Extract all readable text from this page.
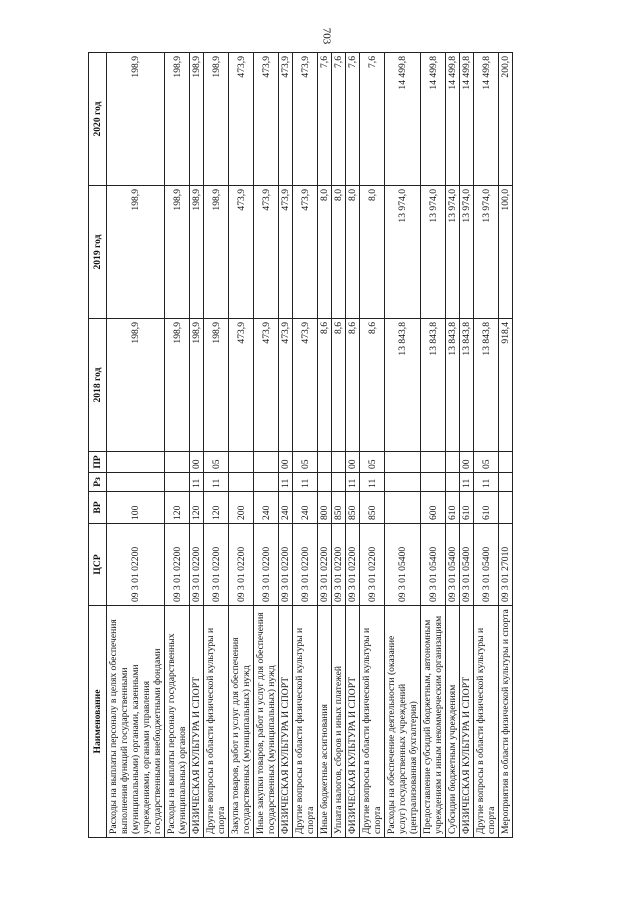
703
Наименование	ЦСР	ВР	Рз	ПР	2018 год	2019 год	2020 год
Расходы на выплаты персоналу в целях обеспечения выполнения функций государственными (муниципальными) органами, казенными учреждениями, органами управления государственными внебюджетными фондами	09 3 01 02200	100			198,9	198,9	198,9
Расходы на выплаты персоналу государственных (муниципальных) органов	09 3 01 02200	120			198,9	198,9	198,9
ФИЗИЧЕСКАЯ КУЛЬТУРА И СПОРТ	09 3 01 02200	120	11	00	198,9	198,9	198,9
Другие вопросы в области физической культуры и спорта	09 3 01 02200	120	11	05	198,9	198,9	198,9
Закупка товаров, работ и услуг для обеспечения государственных (муниципальных) нужд	09 3 01 02200	200			473,9	473,9	473,9
Иные закупки товаров, работ и услуг для обеспечения государственных (муниципальных) нужд	09 3 01 02200	240			473,9	473,9	473,9
ФИЗИЧЕСКАЯ КУЛЬТУРА И СПОРТ	09 3 01 02200	240	11	00	473,9	473,9	473,9
Другие вопросы в области физической культуры и спорта	09 3 01 02200	240	11	05	473,9	473,9	473,9
Иные бюджетные ассигнования	09 3 01 02200	800			8,6	8,0	7,6
Уплата налогов, сборов и иных платежей	09 3 01 02200	850			8,6	8,0	7,6
ФИЗИЧЕСКАЯ КУЛЬТУРА И СПОРТ	09 3 01 02200	850	11	00	8,6	8,0	7,6
Другие вопросы в области физической культуры и спорта	09 3 01 02200	850	11	05	8,6	8,0	7,6
Расходы на обеспечение деятельности (оказание услуг) государственных учреждений (централизованная бухгалтерия)	09 3 01 05400				13 843,8	13 974,0	14 499,8
Предоставление субсидий бюджетным, автономным учреждениям и иным некоммерческим организациям	09 3 01 05400	600			13 843,8	13 974,0	14 499,8
Субсидии бюджетным учреждениям	09 3 01 05400	610			13 843,8	13 974,0	14 499,8
ФИЗИЧЕСКАЯ КУЛЬТУРА И СПОРТ	09 3 01 05400	610	11	00	13 843,8	13 974,0	14 499,8
Другие вопросы в области физической культуры и спорта	09 3 01 05400	610	11	05	13 843,8	13 974,0	14 499,8
Мероприятия в области физической культуры и спорта	09 3 01 27010				918,4	100,0	200,0
